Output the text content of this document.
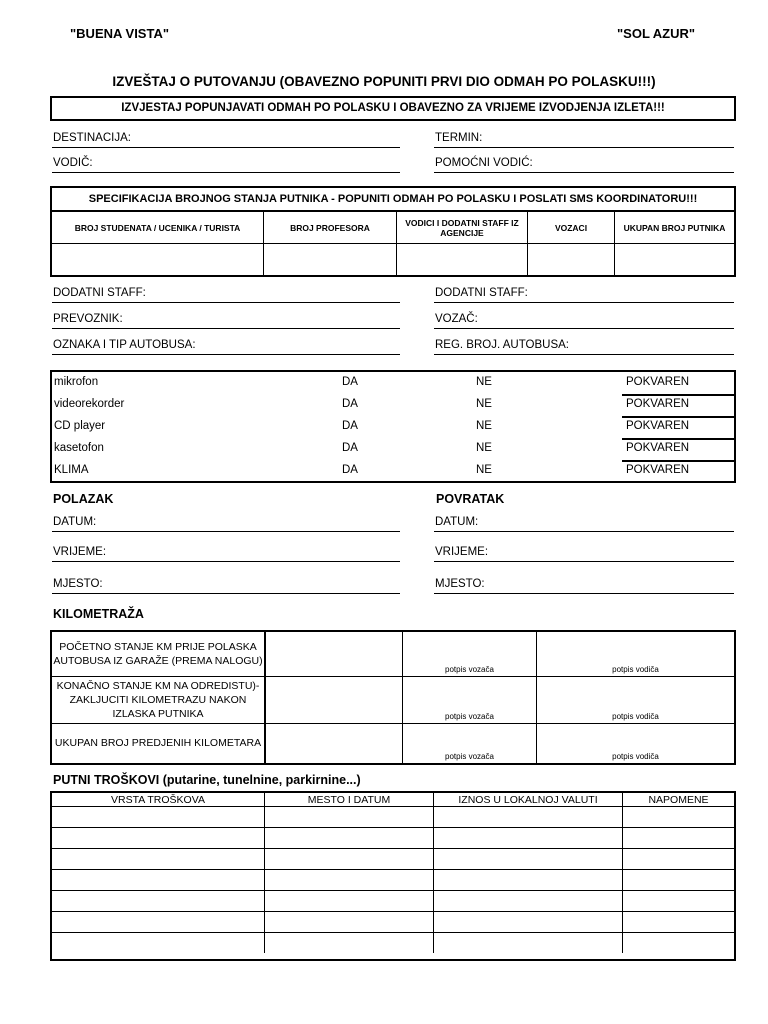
"BUENA VISTA"	"SOL AZUR"
IZVEŠTAJ O PUTOVANJU (OBAVEZNO POPUNITI PRVI DIO ODMAH PO POLASKU!!!)
IZVJESTAJ POPUNJAVATI ODMAH PO POLASKU I OBAVEZNO ZA VRIJEME IZVODJENJA IZLETA!!!
DESTINACIJA:	TERMIN:
VODIČ:	POMOĆNI VODIĆ:
SPECIFIKACIJA BROJNOG STANJA PUTNIKA - POPUNITI ODMAH PO POLASKU I POSLATI SMS KOORDINATORU!!!
BROJ STUDENATA / UCENIKA / TURISTA	BROJ PROFESORA	VODICI I DODATNI STAFF IZ AGENCIJE	VOZACI	UKUPAN BROJ PUTNIKA

DODATNI STAFF:	DODATNI STAFF:
PREVOZNIK:	VOZAČ:
OZNAKA I TIP AUTOBUSA:	REG. BROJ. AUTOBUSA:
mikrofon	DA	NE	POKVAREN
videorekorder	DA	NE	POKVAREN
CD player	DA	NE	POKVAREN
kasetofon	DA	NE	POKVAREN
KLIMA	DA	NE	POKVAREN
POLAZAK	POVRATAK
DATUM:	DATUM:
VRIJEME:	VRIJEME:
MJESTO:	MJESTO:
KILOMETRAŽA
POČETNO STANJE KM PRIJE POLASKA AUTOBUSA IZ GARAŽE (PREMA NALOGU)		potpis vozača	potpis vodiča

KONAČNO STANJE KM NA ODREDISTU)- ZAKLJUCITI KILOMETRAZU NAKON IZLASKA PUTNIKA		potpis vozača	potpis vodiča

UKUPAN BROJ PREDJENIH KILOMETARA		potpis vozača	potpis vodiča
PUTNI TROŠKOVI (putarine, tunelnine, parkirnine...)
VRSTA TROŠKOVA	MESTO I DATUM	IZNOS U LOKALNOJ VALUTI	NAPOMENE
